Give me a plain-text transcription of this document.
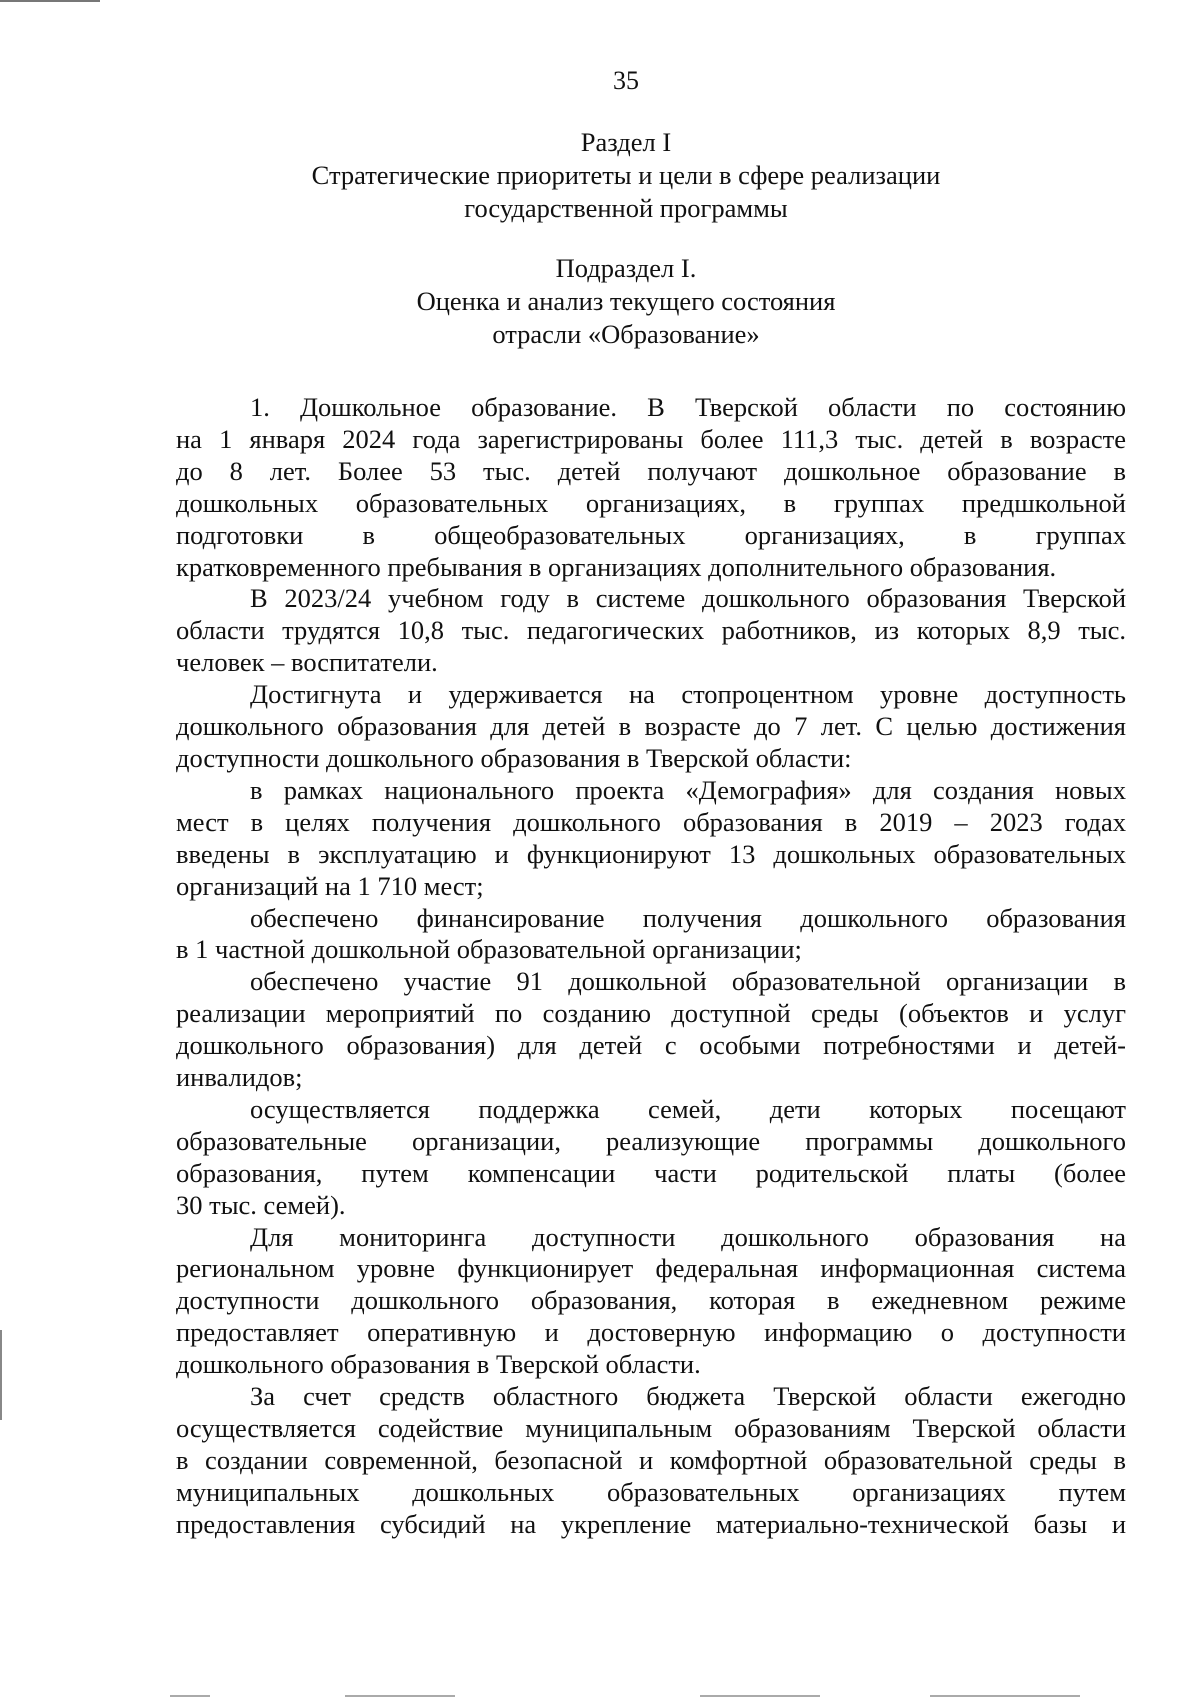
35
Раздел I
Стратегические приоритеты и цели в сфере реализации
государственной программы
Подраздел I.
Оценка и анализ текущего состояния
отрасли «Образование»
1. Дошкольное образование. В Тверской области по состоянию
на 1 января 2024 года зарегистрированы более 111,3 тыс. детей в возрасте
до 8 лет. Более 53 тыс. детей получают дошкольное образование в
дошкольных образовательных организациях, в группах предшкольной
подготовки в общеобразовательных организациях, в группах
кратковременного пребывания в организациях дополнительного образования.
В 2023/24 учебном году в системе дошкольного образования Тверской
области трудятся 10,8 тыс. педагогических работников, из которых 8,9 тыс.
человек – воспитатели.
Достигнута и удерживается на стопроцентном уровне доступность
дошкольного образования для детей в возрасте до 7 лет. С целью достижения
доступности дошкольного образования в Тверской области:
в рамках национального проекта «Демография» для создания новых
мест в целях получения дошкольного образования в 2019 – 2023 годах
введены в эксплуатацию и функционируют 13 дошкольных образовательных
организаций на 1 710 мест;
обеспечено финансирование получения дошкольного образования
в 1 частной дошкольной образовательной организации;
обеспечено участие 91 дошкольной образовательной организации в
реализации мероприятий по созданию доступной среды (объектов и услуг
дошкольного образования) для детей с особыми потребностями и детей-
инвалидов;
осуществляется поддержка семей, дети которых посещают
образовательные организации, реализующие программы дошкольного
образования, путем компенсации части родительской платы (более
30 тыс. семей).
Для мониторинга доступности дошкольного образования на
региональном уровне функционирует федеральная информационная система
доступности дошкольного образования, которая в ежедневном режиме
предоставляет оперативную и достоверную информацию о доступности
дошкольного образования в Тверской области.
За счет средств областного бюджета Тверской области ежегодно
осуществляется содействие муниципальным образованиям Тверской области
в создании современной, безопасной и комфортной образовательной среды в
муниципальных дошкольных образовательных организациях путем
предоставления субсидий на укрепление материально-технической базы и
